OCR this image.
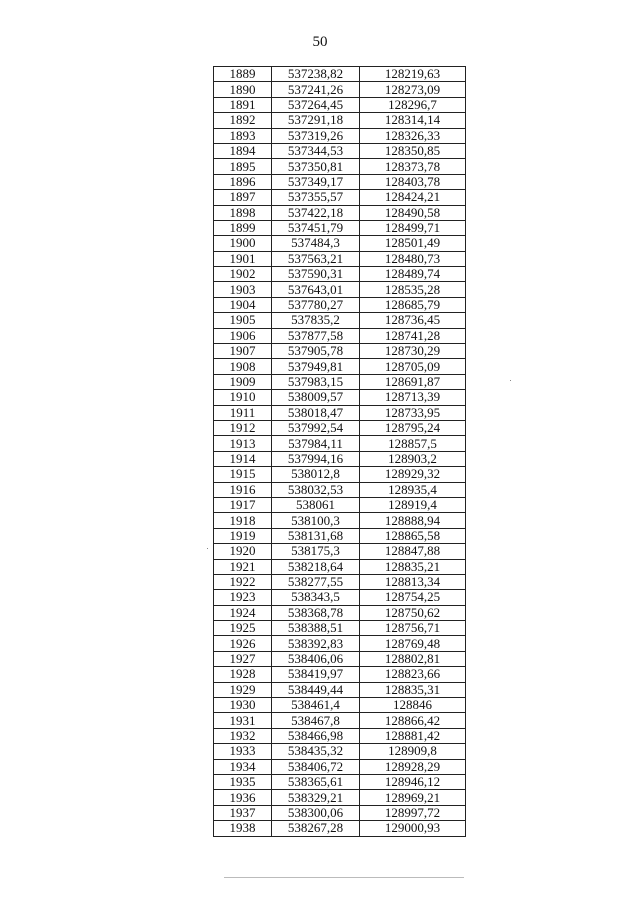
50
1889	537238,82	128219,63
1890	537241,26	128273,09
1891	537264,45	128296,7
1892	537291,18	128314,14
1893	537319,26	128326,33
1894	537344,53	128350,85
1895	537350,81	128373,78
1896	537349,17	128403,78
1897	537355,57	128424,21
1898	537422,18	128490,58
1899	537451,79	128499,71
1900	537484,3	128501,49
1901	537563,21	128480,73
1902	537590,31	128489,74
1903	537643,01	128535,28
1904	537780,27	128685,79
1905	537835,2	128736,45
1906	537877,58	128741,28
1907	537905,78	128730,29
1908	537949,81	128705,09
1909	537983,15	128691,87
1910	538009,57	128713,39
1911	538018,47	128733,95
1912	537992,54	128795,24
1913	537984,11	128857,5
1914	537994,16	128903,2
1915	538012,8	128929,32
1916	538032,53	128935,4
1917	538061	128919,4
1918	538100,3	128888,94
1919	538131,68	128865,58
1920	538175,3	128847,88
1921	538218,64	128835,21
1922	538277,55	128813,34
1923	538343,5	128754,25
1924	538368,78	128750,62
1925	538388,51	128756,71
1926	538392,83	128769,48
1927	538406,06	128802,81
1928	538419,97	128823,66
1929	538449,44	128835,31
1930	538461,4	128846
1931	538467,8	128866,42
1932	538466,98	128881,42
1933	538435,32	128909,8
1934	538406,72	128928,29
1935	538365,61	128946,12
1936	538329,21	128969,21
1937	538300,06	128997,72
1938	538267,28	129000,93
